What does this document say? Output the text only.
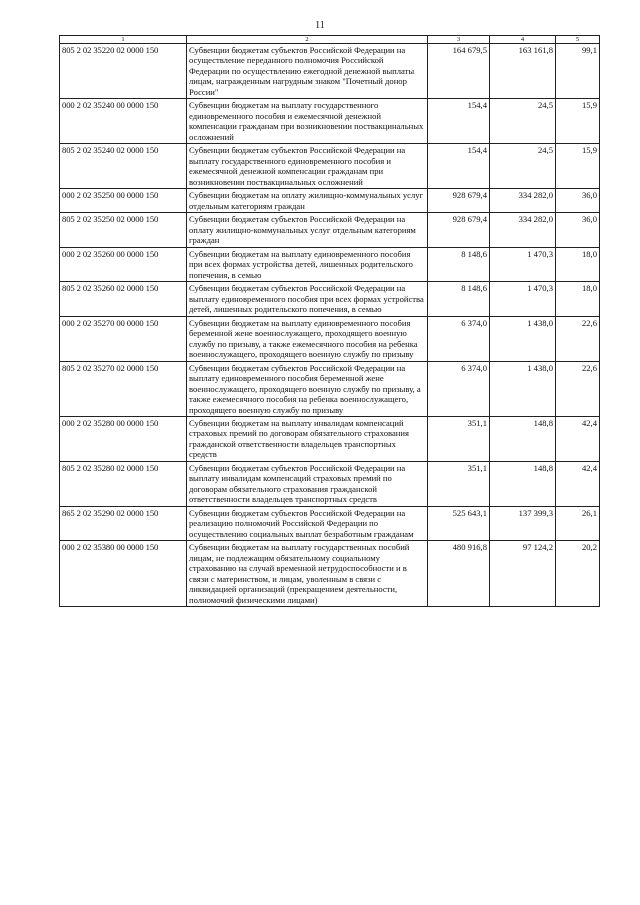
11
1	2	3	4	5
805 2 02 35220 02 0000 150	Субвенции бюджетам субъектов Российской Федерации на осуществление переданного полномочия Российской Федерации по осуществлению ежегодной денежной выплаты лицам, награжденным нагрудным знаком "Почетный донор России"	164 679,5	163 161,8	99,1
000 2 02 35240 00 0000 150	Субвенции бюджетам на выплату государственного единовременного пособия и ежемесячной денежной компенсации гражданам при возникновении поствакцинальных осложнений	154,4	24,5	15,9
805 2 02 35240 02 0000 150	Субвенции бюджетам субъектов Российской Федерации на выплату государственного единовременного пособия и ежемесячной денежной компенсации гражданам при возникновении поствакцинальных осложнений	154,4	24,5	15,9
000 2 02 35250 00 0000 150	Субвенции бюджетам на оплату жилищно-коммунальных услуг отдельным категориям граждан	928 679,4	334 282,0	36,0
805 2 02 35250 02 0000 150	Субвенции бюджетам субъектов Российской Федерации на оплату жилищно-коммунальных услуг отдельным категориям граждан	928 679,4	334 282,0	36,0
000 2 02 35260 00 0000 150	Субвенции бюджетам на выплату единовременного пособия при всех формах устройства детей, лишенных родительского попечения, в семью	8 148,6	1 470,3	18,0
805 2 02 35260 02 0000 150	Субвенции бюджетам субъектов Российской Федерации на выплату единовременного пособия при всех формах устройства детей, лишенных родительского попечения, в семью	8 148,6	1 470,3	18,0
000 2 02 35270 00 0000 150	Субвенции бюджетам на выплату единовременного пособия беременной жене военнослужащего, проходящего военную службу по призыву, а также ежемесячного пособия на ребенка военнослужащего, проходящего военную службу по призыву	6 374,0	1 438,0	22,6
805 2 02 35270 02 0000 150	Субвенции бюджетам субъектов Российской Федерации на выплату единовременного пособия беременной жене военнослужащего, проходящего военную службу по призыву, а также ежемесячного пособия на ребенка военнослужащего, проходящего военную службу по призыву	6 374,0	1 438,0	22,6
000 2 02 35280 00 0000 150	Субвенции бюджетам на выплату инвалидам компенсаций страховых премий по договорам обязательного страхования гражданской ответственности владельцев транспортных средств	351,1	148,8	42,4
805 2 02 35280 02 0000 150	Субвенции бюджетам субъектов Российской Федерации на выплату инвалидам компенсаций страховых премий по договорам обязательного страхования гражданской ответственности владельцев транспортных средств	351,1	148,8	42,4
865 2 02 35290 02 0000 150	Субвенции бюджетам субъектов Российской Федерации на реализацию полномочий Российской Федерации по осуществлению социальных выплат безработным гражданам	525 643,1	137 399,3	26,1
000 2 02 35380 00 0000 150	Субвенции бюджетам на выплату государственных пособий лицам, не подлежащим обязательному социальному страхованию на случай временной нетрудоспособности и в связи с материнством, и лицам, уволенным в связи с ликвидацией организаций (прекращением деятельности, полномочий физическими лицами)	480 916,8	97 124,2	20,2
